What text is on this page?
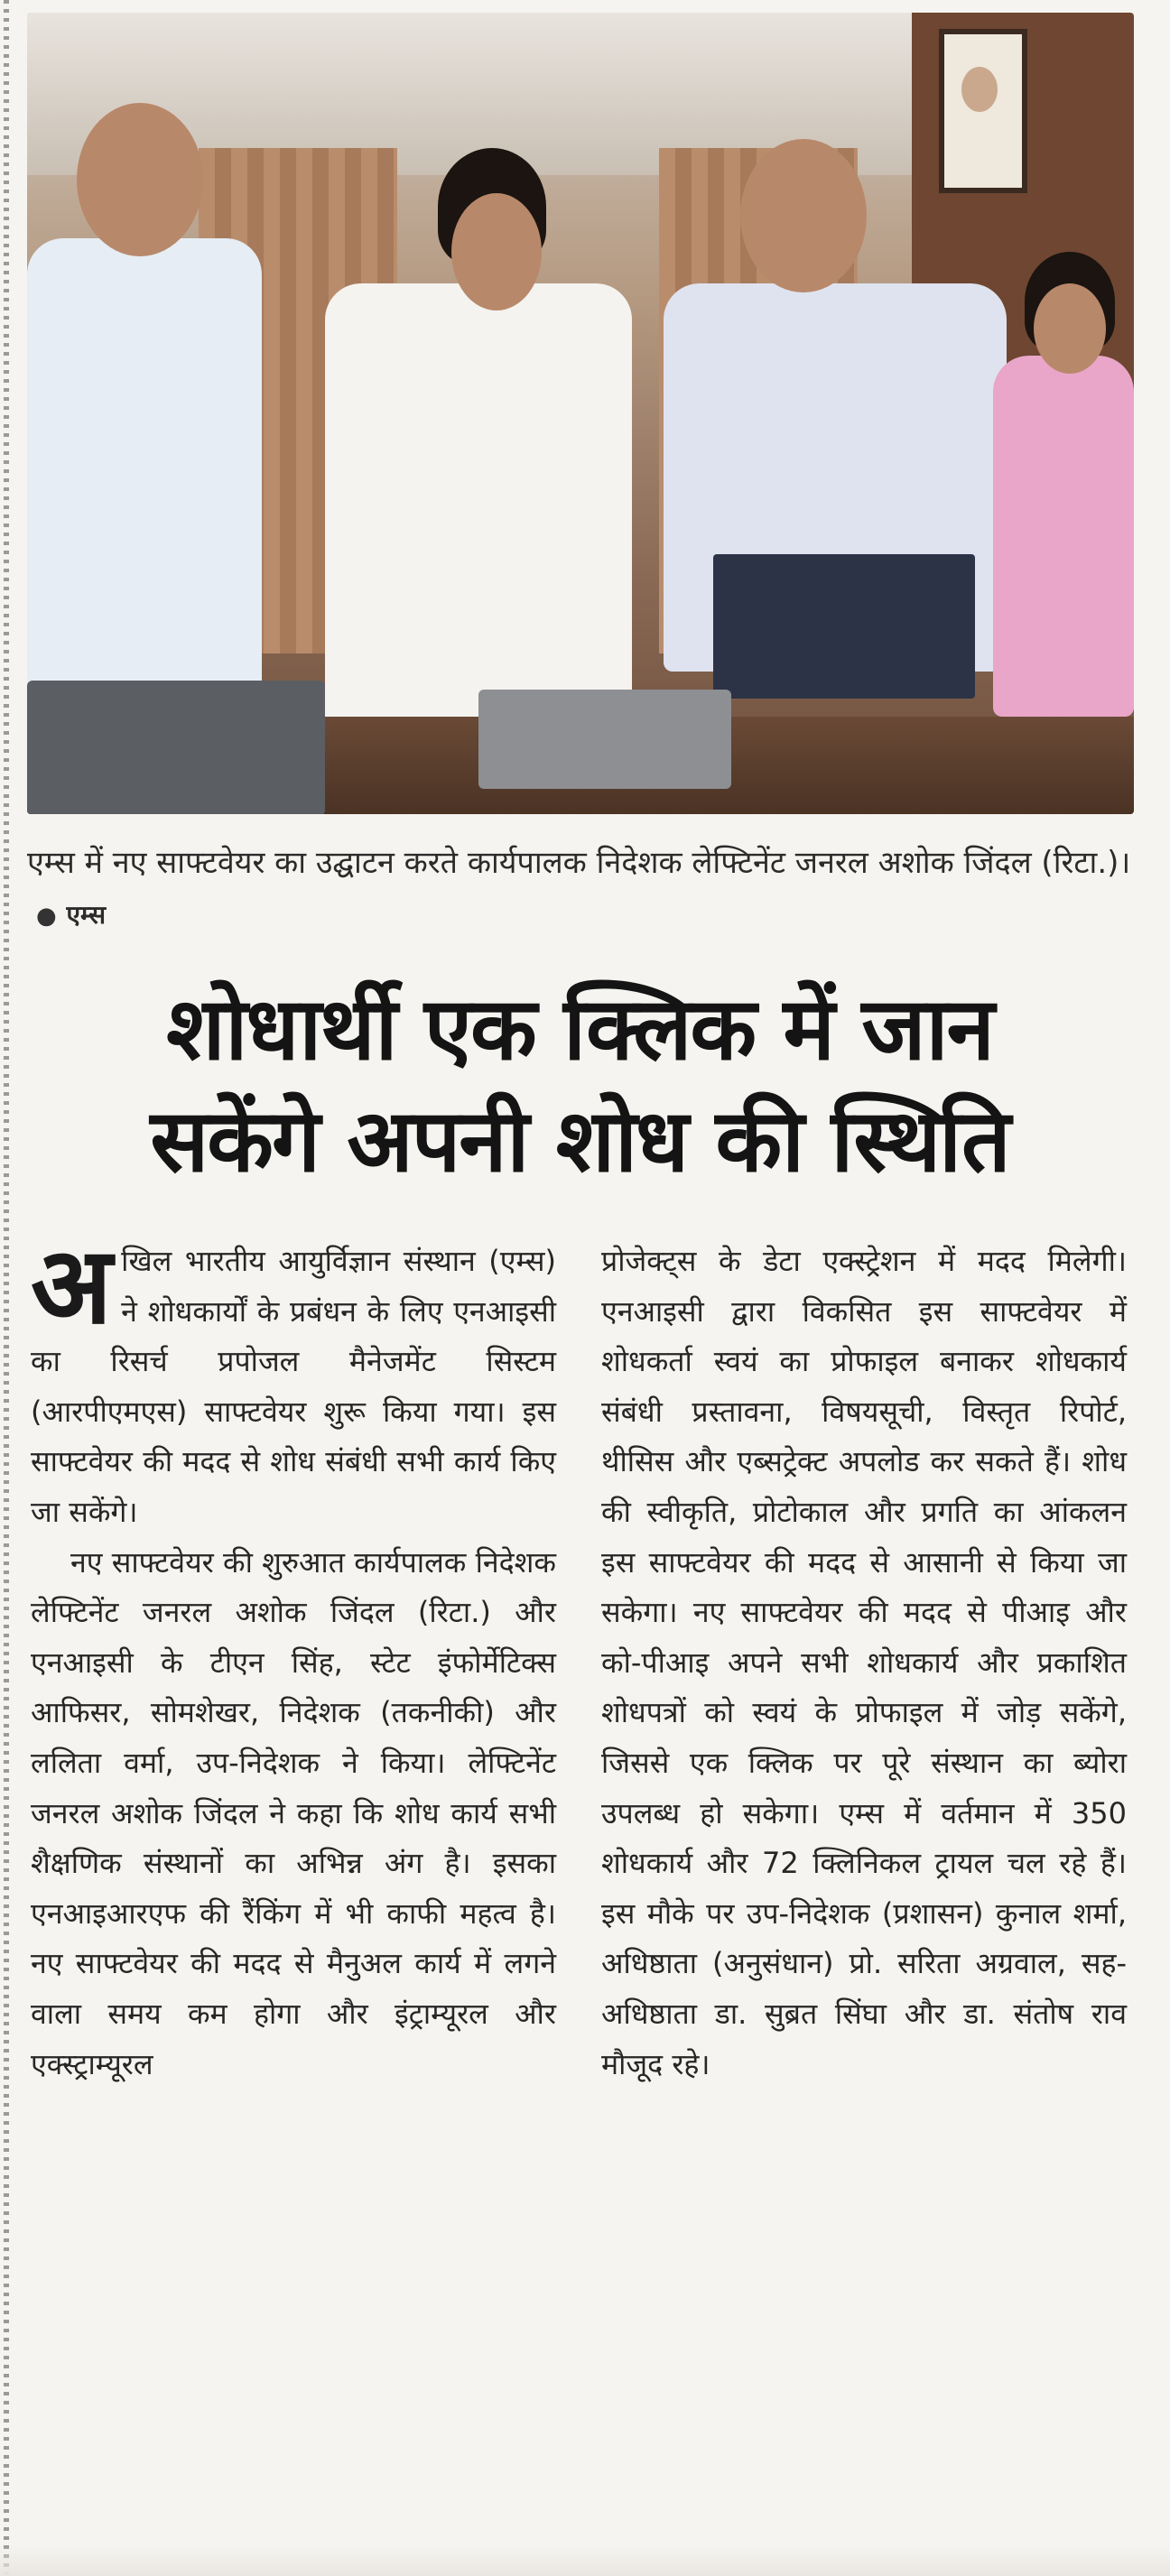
एम्स में नए साफ्टवेयर का उद्घाटन करते कार्यपालक निदेशक लेफ्टिनेंट जनरल अशोक जिंदल (रिटा.)। ● एम्स
शोधार्थी एक क्लिक में जान
सकेंगे अपनी शोध की स्थिति
अ खिल भारतीय आयुर्विज्ञान संस्थान (एम्स) ने शोधकार्यों के प्रबंधन के लिए एनआइसी का रिसर्च प्रपोजल मैनेजमेंट सिस्टम (आरपीएमएस) साफ्टवेयर शुरू किया गया। इस साफ्टवेयर की मदद से शोध संबंधी सभी कार्य किए जा सकेंगे।

नए साफ्टवेयर की शुरुआत कार्यपालक निदेशक लेफ्टिनेंट जनरल अशोक जिंदल (रिटा.) और एनआइसी के टीएन सिंह, स्टेट इंफोर्मेटिक्स आफिसर, सोमशेखर, निदेशक (तकनीकी) और ललिता वर्मा, उप-निदेशक ने किया। लेफ्टिनेंट जनरल अशोक जिंदल ने कहा कि शोध कार्य सभी शैक्षणिक संस्थानों का अभिन्न अंग है। इसका एनआइआरएफ की रैंकिंग में भी काफी महत्व है। नए साफ्टवेयर की मदद से मैनुअल कार्य में लगने वाला समय कम होगा और इंट्राम्यूरल और एक्स्ट्राम्यूरल

प्रोजेक्ट्स के डेटा एक्स्ट्रेशन में मदद मिलेगी। एनआइसी द्वारा विकसित इस साफ्टवेयर में शोधकर्ता स्वयं का प्रोफाइल बनाकर शोधकार्य संबंधी प्रस्तावना, विषयसूची, विस्तृत रिपोर्ट, थीसिस और एब्सट्रेक्ट अपलोड कर सकते हैं। शोध की स्वीकृति, प्रोटोकाल और प्रगति का आंकलन इस साफ्टवेयर की मदद से आसानी से किया जा सकेगा। नए साफ्टवेयर की मदद से पीआइ और को-पीआइ अपने सभी शोधकार्य और प्रकाशित शोधपत्रों को स्वयं के प्रोफाइल में जोड़ सकेंगे, जिससे एक क्लिक पर पूरे संस्थान का ब्योरा उपलब्ध हो सकेगा। एम्स में वर्तमान में 350 शोधकार्य और 72 क्लिनिकल ट्रायल चल रहे हैं। इस मौके पर उप-निदेशक (प्रशासन) कुनाल शर्मा, अधिष्ठाता (अनुसंधान) प्रो. सरिता अग्रवाल, सह-अधिष्ठाता डा. सुब्रत सिंघा और डा. संतोष राव मौजूद रहे।
